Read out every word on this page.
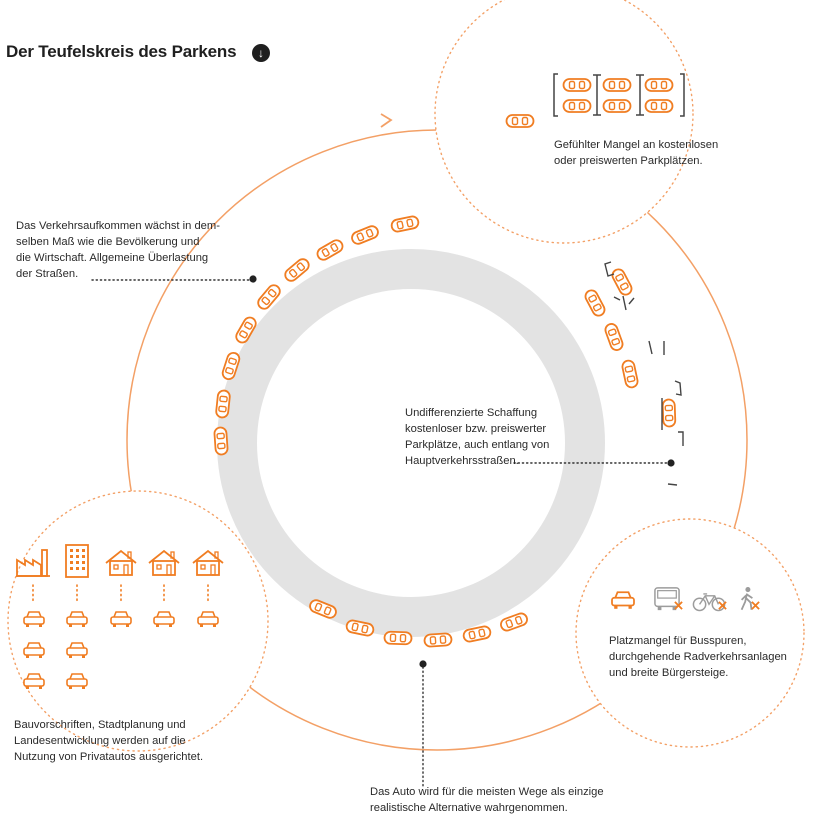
Der Teufelskreis des Parkens	↓
Das Verkehrsaufkommen wächst in dem-
selben Maß wie die Bevölkerung und
die Wirtschaft. Allgemeine Überlastung
der Straßen.
Gefühlter Mangel an kostenlosen
oder preiswerten Parkplätzen.
Undifferenzierte Schaffung
kostenloser bzw. preiswerter
Parkplätze, auch entlang von
Hauptverkehrsstraßen.
Platzmangel für Busspuren,
durchgehende Radverkehrsanlagen
und breite Bürgersteige.
Das Auto wird für die meisten Wege als einzige
realistische Alternative wahrgenommen.
Bauvorschriften, Stadtplanung und
Landesentwicklung werden auf die
Nutzung von Privatautos ausgerichtet.
